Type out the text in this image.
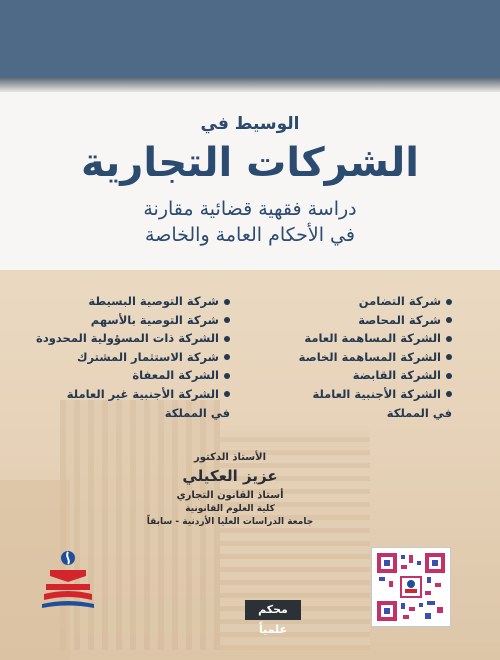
الوسيط في
الشركات التجارية
دراسة فقهية قضائية مقارنة
في الأحكام العامة والخاصة
شركة التضامن
شركة المحاصة
الشركة المساهمة العامة
الشركة المساهمة الخاصة
الشركة القابضة
الشركة الأجنبية العاملة
في المملكة
شركة التوصية البسيطة
شركة التوصية بالأسهم
الشركة ذات المسؤولية المحدودة
شركة الاستثمار المشترك
الشركة المعفاة
الشركة الأجنبية غير العاملة
في المملكة
الأستاذ الدكتور
عزيز العكيلي
أستاذ القانون التجاري
كلية العلوم القانونية
جامعة الدراسات العليا الأردنية - سابقاً
محكم علمياً
